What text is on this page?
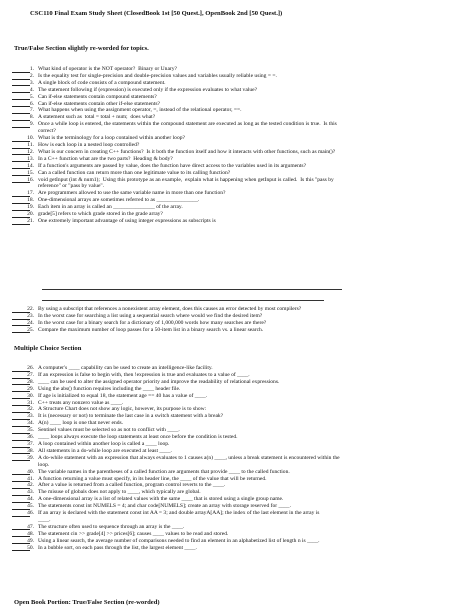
CSC110 Final Exam Study Sheet (ClosedBook 1st [50 Quest.], OpenBook 2nd [50 Quest.])
True/False Section slightly re-worded for topics.
1. What kind of operator is the NOT operator?  Binary or Unary?
2. Is the equality test for single-precision and double-precision values and variables usually reliable using = =.
3. A single block of code consists of a compound statement.
4. The statement following if (expression) is executed only if the expression evaluates to what value?
5. Can if-else statements contain compound statements?
6. Can if-else statements contain other if-else statements?
7. What happens when using the assignment operator, =, instead of the relational operator, ==.
8. A statement such as  total = total + num;  does what?
9. Once a while loop is entered, the statements within the compound statement are executed as long as the tested condition is true.  Is this
correct?
10. What is the terminology for a loop contained within another loop?
11. How is each loop in a nested loop controlled?
12. What is our concern in creating C++ functions?  Is it both the function itself and how it interacts with other functions, such as main()?
13. In a C++ function what are the two parts?  Heading & body?
14. If a function's arguments are passed by value, does the function have direct access to the variables used in its arguments?
15. Can a called function can return more than one legitimate value to its calling function?
16. void getInput (int & num1);  Using this prototype as an example,  explain what is happening when getInput is called.  Is this "pass by
reference" or "pass by value".
17. Are programmers allowed to use the same variable name in more than one function?
18. One-dimensional arrays are sometimes referred to as _______________.
19. Each item in an array is called an _______________ of the array.
20. grade[5] refers to which grade stored in the grade array?
21. One extremely important advantage of using integer expressions as subscripts is
22. By using a subscript that references a nonexistent array element, does this causes an error detected by most compilers?
23. In the worst case for searching a list using a sequential search where would we find the desired item?
24. In the worst case for a binary search for a dictionary of 1,000,000 words how many searches are there?
25. Compare the maximum number of loop passes for a 50-item list in a binary search vs. a linear search.
Multiple Choice Section
26. A computer's ____ capability can be used to create an intelligence-like facility.
27. If an expression is false to begin with, then !expression is true and evaluates to a value of ____.
28. ____ can be used to alter the assigned operator priority and improve the readability of relational expressions.
29. Using the abs() function requires including the ____ header file.
30. If age is initialized to equal 18, the statement age == 40 has a value of ____.
31. C++ treats any nonzero value as ____.
32. A Structure Chart does not show any logic, however, its purpose is to show:
33. It is (necessary or not) to terminate the last case in a switch statement with a break?
34. A(n) ____ loop is one that never ends.
35. Sentinel values must be selected so as not to conflict with ____.
36. ____ loops always execute the loop statements at least once before the condition is tested.
37. A loop contained within another loop is called a ____ loop.
38. All statements in a do-while loop are executed at least ____.
39. A do-while statement with an expression that always evaluates to 1 causes a(n) ____, unless a break statement is encountered within the
loop.
40. The variable names in the parentheses of a called function are arguments that provide ____ to the called function.
41. A function returning a value must specify, in its header line, the ____ of the value that will be returned.
42. After a value is returned from a called function, program control reverts to the ____.
43. The misuse of globals does not apply to ____, which typically are global.
44. A one-dimensional array is a list of related values with the same ____ that is stored using a single group name.
45. The statements const int NUMELS = 4; and char code[NUMELS]; create an array with storage reserved for ____.
46. If an array is declared with the statement const int AA = 3; and double arrayA[AA]; the index of the last element in the array is
____.
47. The structure often used to sequence through an array is the ____.
48. The statement cin >> grade[4] >> prices[6]; causes ____ values to be read and stored.
49. Using a linear search, the average number of comparisons needed to find an element in an alphabetized list of length n is ____.
50. In a bubble sort, on each pass through the list, the largest element ____.
Open Book Portion: True/False Section (re-worded)
